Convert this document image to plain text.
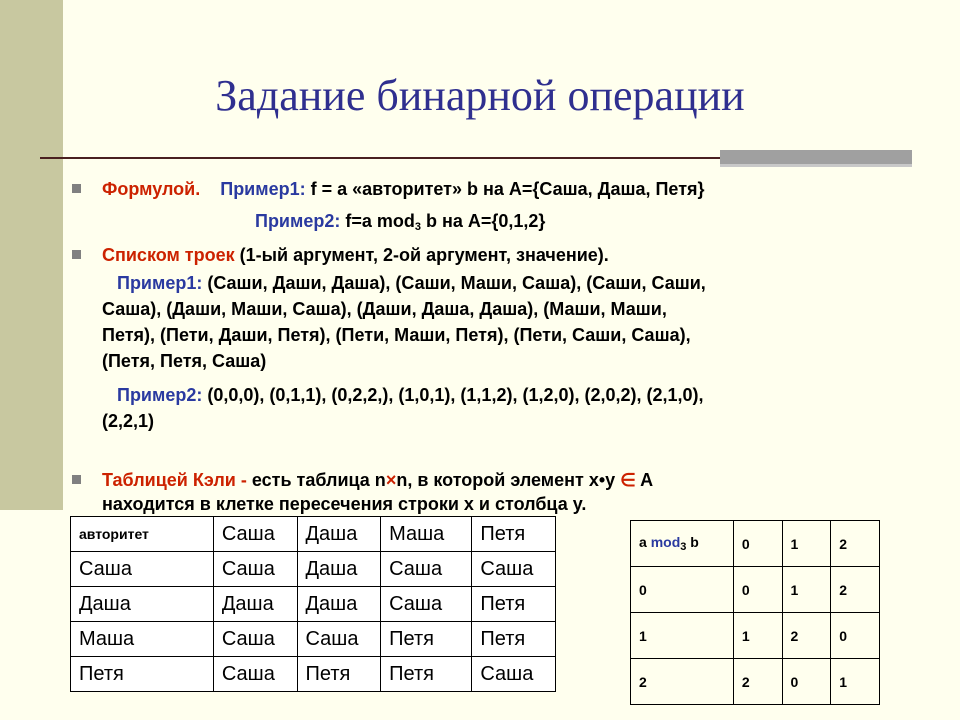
Задание бинарной операции
Формулой. Пример1: f = a «авторитет» b на A={Саша, Даша, Петя}
Пример2: f=a mod$_3$ b на A={0,1,2}
Списком троек (1-ый аргумент, 2-ой аргумент, значение).
Пример1: (Саши, Даши, Даша), (Саши, Маши, Саша), (Саши, Саши,
Саша), (Даши, Маши, Саша), (Даши, Даша, Даша), (Маши, Маши,
Петя), (Пети, Даши, Петя), (Пети, Маши, Петя), (Пети, Саши, Саша),
(Петя, Петя, Саша)
Пример2: (0,0,0), (0,1,1), (0,2,2,), (1,0,1), (1,1,2), (1,2,0), (2,0,2), (2,1,0),
(2,2,1)
Таблицей Кэли - есть таблица n×n, в которой элемент x•y ∈ A
находится в клетке пересечения строки x и столбца y.
авторитет	Саша	Даша	Маша	Петя
Саша	Саша	Даша	Саша	Саша
Даша	Даша	Даша	Саша	Петя
Маша	Саша	Саша	Петя	Петя
Петя	Саша	Петя	Петя	Саша
a mod$_3$ b	0	1	2
0	0	1	2
1	1	2	0
2	2	0	1
